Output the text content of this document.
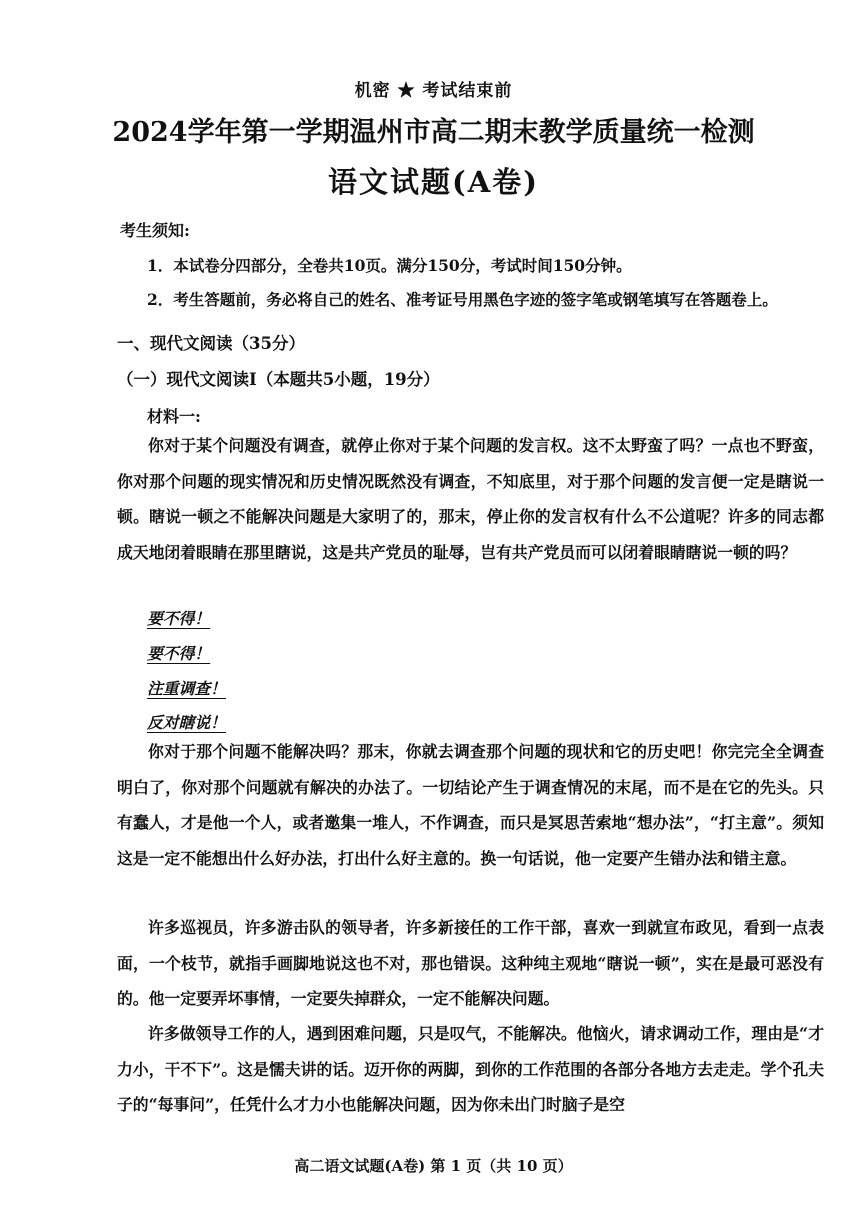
机密 ★ 考试结束前
2024学年第一学期温州市高二期末教学质量统一检测
语文试题(A卷)
考生须知:
1．本试卷分四部分，全卷共10页。满分150分，考试时间150分钟。
2．考生答题前，务必将自己的姓名、准考证号用黑色字迹的签字笔或钢笔填写在答题卷上。
一、现代文阅读（35分）
（一）现代文阅读Ⅰ（本题共5小题，19分）
材料一:
你对于某个问题没有调查，就停止你对于某个问题的发言权。这不太野蛮了吗？一点也不野蛮，你对那个问题的现实情况和历史情况既然没有调查，不知底里，对于那个问题的发言便一定是瞎说一顿。瞎说一顿之不能解决问题是大家明了的，那末，停止你的发言权有什么不公道呢？许多的同志都成天地闭着眼睛在那里瞎说，这是共产党员的耻辱，岂有共产党员而可以闭着眼睛瞎说一顿的吗？
要不得！
要不得！
注重调查！
反对瞎说！
你对于那个问题不能解决吗？那末，你就去调查那个问题的现状和它的历史吧！你完完全全调查明白了，你对那个问题就有解决的办法了。一切结论产生于调查情况的末尾，而不是在它的先头。只有蠢人，才是他一个人，或者邀集一堆人，不作调查，而只是冥思苦索地“想办法”，“打主意”。须知这是一定不能想出什么好办法，打出什么好主意的。换一句话说，他一定要产生错办法和错主意。
许多巡视员，许多游击队的领导者，许多新接任的工作干部，喜欢一到就宣布政见，看到一点表面，一个枝节，就指手画脚地说这也不对，那也错误。这种纯主观地“瞎说一顿”，实在是最可恶没有的。他一定要弄坏事情，一定要失掉群众，一定不能解决问题。
许多做领导工作的人，遇到困难问题，只是叹气，不能解决。他恼火，请求调动工作，理由是“才力小，干不下”。这是懦夫讲的话。迈开你的两脚，到你的工作范围的各部分各地方去走走。学个孔夫子的“每事问”，任凭什么才力小也能解决问题，因为你未出门时脑子是空
高二语文试题(A卷) 第 1 页（共 10 页）
